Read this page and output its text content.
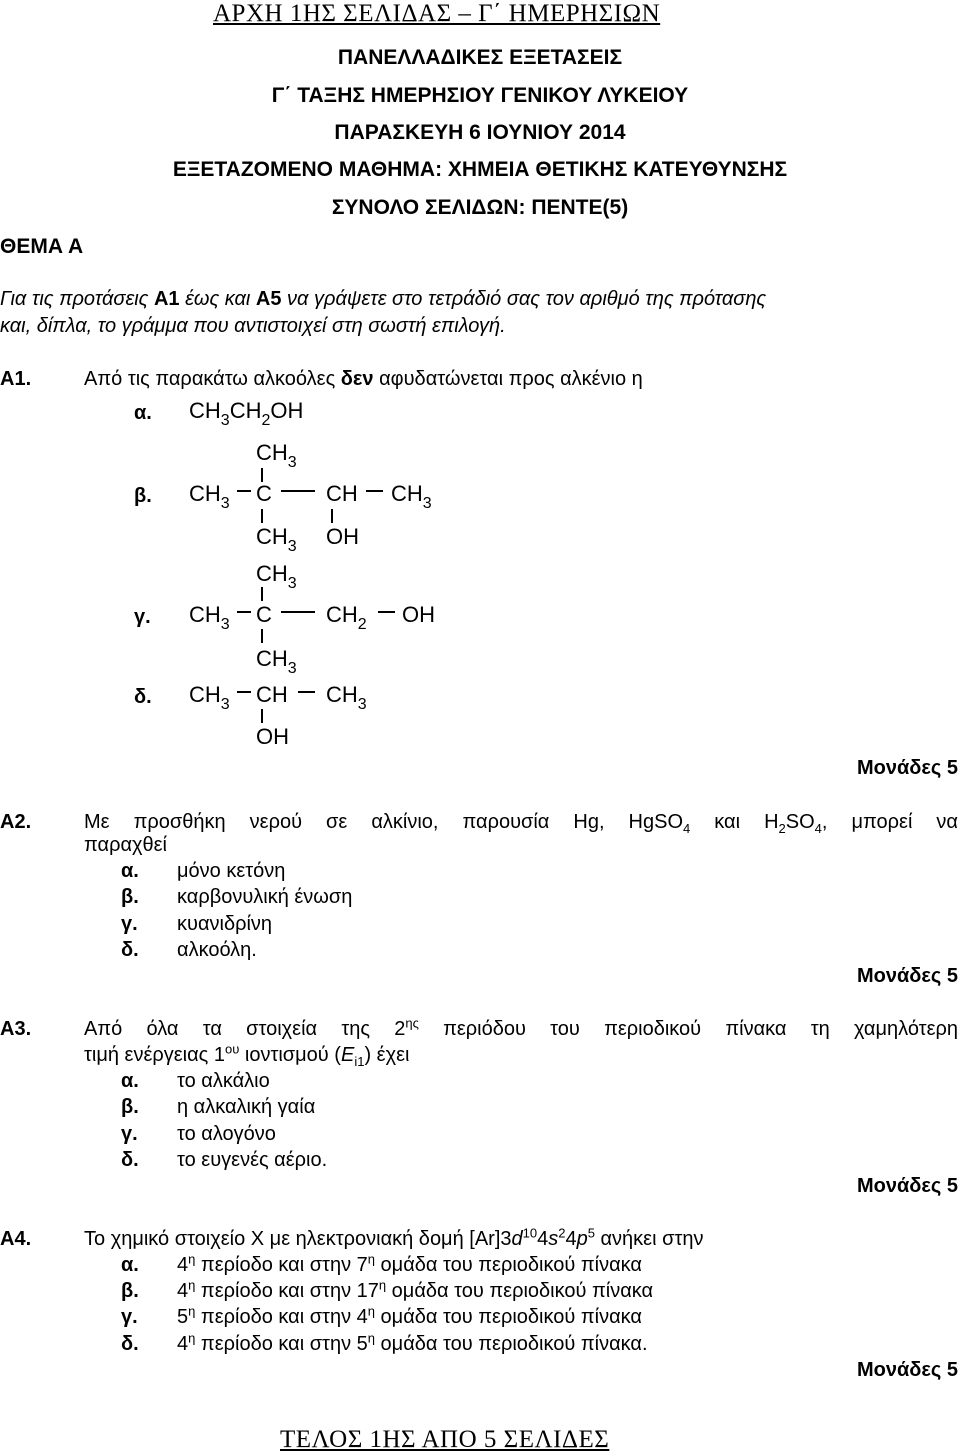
ΑΡΧΗ 1ΗΣ ΣΕΛΙΔΑΣ – Γ΄ ΗΜΕΡΗΣΙΩΝ
ΠΑΝΕΛΛΑΔΙΚΕΣ ΕΞΕΤΑΣΕΙΣ
Γ΄ ΤΑΞΗΣ ΗΜΕΡΗΣΙΟΥ ΓΕΝΙΚΟΥ ΛΥΚΕΙΟΥ
ΠΑΡΑΣΚΕΥΗ 6 ΙΟΥΝΙΟΥ 2014
ΕΞΕΤΑΖΟΜΕΝΟ ΜΑΘΗΜΑ: ΧΗΜΕΙΑ ΘΕΤΙΚΗΣ ΚΑΤΕΥΘΥΝΣΗΣ
ΣΥΝΟΛΟ ΣΕΛΙΔΩΝ: ΠΕΝΤΕ(5)
ΘΕΜΑ Α
Για τις προτάσεις Α1 έως και Α5 να γράψετε στο τετράδιό σας τον αριθμό της πρότασης
και, δίπλα, το γράμμα που αντιστοιχεί στη σωστή επιλογή.
Α1.	Από τις παρακάτω αλκοόλες δεν αφυδατώνεται προς αλκένιο η
α. $CH_3CH_2OH$
$CH_3$
β. $CH_3$ C CH $CH_3$
$CH_3$ OH
$CH_3$
γ. $CH_3$ C $CH_2$ OH
$CH_3$
δ. $CH_3$ CH $CH_3$
OH
Μονάδες 5
Α2.	Με προσθήκη νερού σε αλκίνιο, παρουσία Hg, HgSO$_4$ και $H_2SO_4$, μπορεί να
παραχθεί
α. μόνο κετόνη
β. καρβονυλική ένωση
γ. κυανιδρίνη
δ. αλκοόλη.
Μονάδες 5
Α3.	Από όλα τα στοιχεία της $2^{\eta\varsigma}$ περιόδου του περιοδικού πίνακα τη χαμηλότερη
τιμή ενέργειας $1^{o\upsilon}$ ιοντισμού $(E_{i1})$ έχει
α. το αλκάλιο
β. η αλκαλική γαία
γ. το αλογόνο
δ. το ευγενές αέριο.
Μονάδες 5
Α4.	Το χημικό στοιχείο X με ηλεκτρονιακή δομή $[Ar]3d^{10}4s^24p^5$ ανήκει στην
α. $4^\eta$ περίοδο και στην $7^\eta$ ομάδα του περιοδικού πίνακα
β. $4^\eta$ περίοδο και στην $17^\eta$ ομάδα του περιοδικού πίνακα
γ. $5^\eta$ περίοδο και στην $4^\eta$ ομάδα του περιοδικού πίνακα
δ. $4^\eta$ περίοδο και στην $5^\eta$ ομάδα του περιοδικού πίνακα.
Μονάδες 5
ΤΕΛΟΣ 1ΗΣ ΑΠΟ 5 ΣΕΛΙΔΕΣ
